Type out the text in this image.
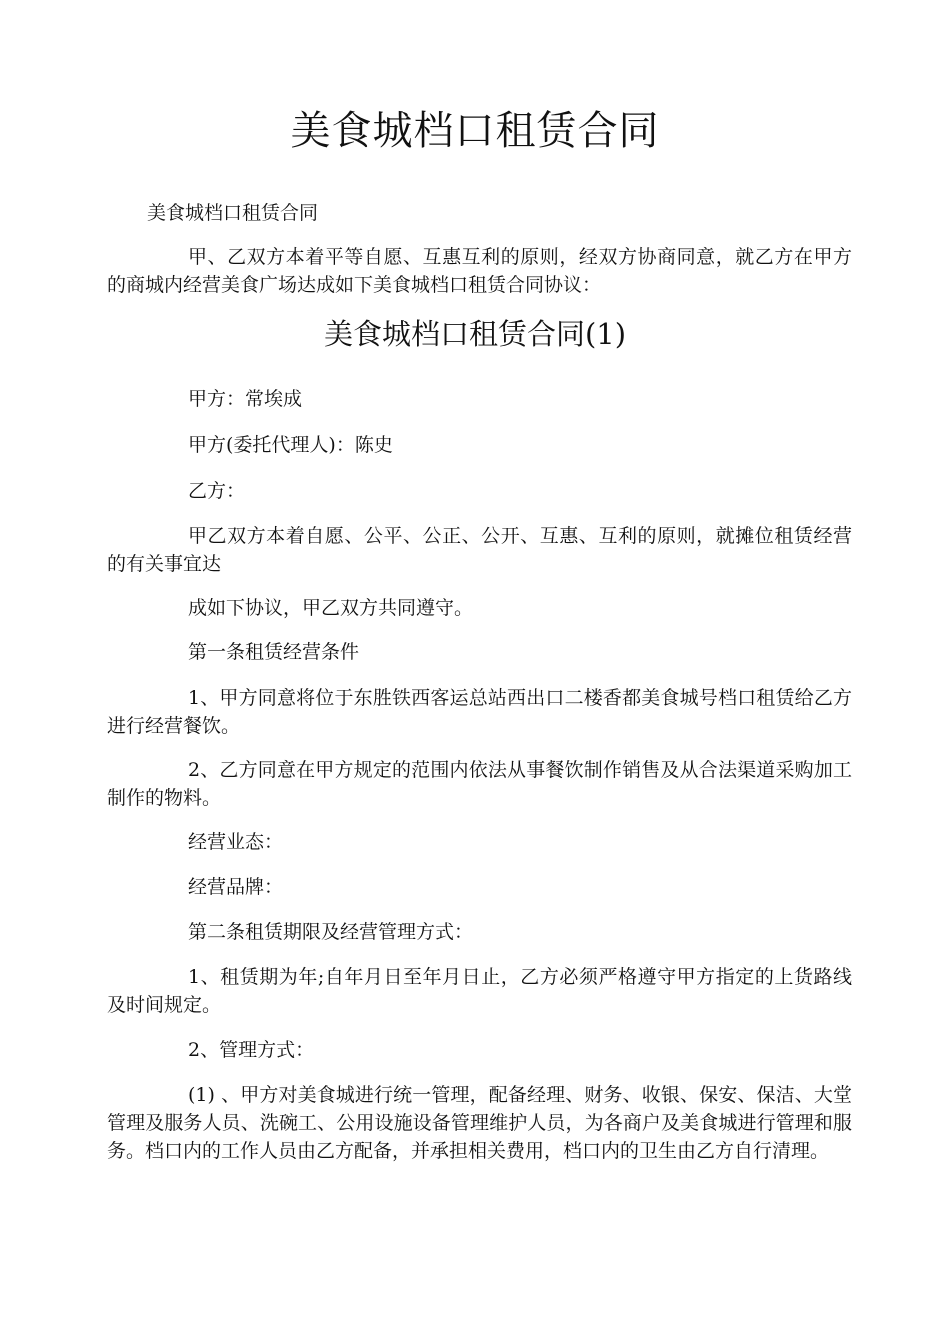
美食城档口租赁合同

美食城档口租赁合同

甲、乙双方本着平等自愿、互惠互利的原则，经双方协商同意，就乙方在甲方的商城内经营美食广场达成如下美食城档口租赁合同协议：

美食城档口租赁合同(1)

甲方：常埃成

甲方(委托代理人)：陈史

乙方：

甲乙双方本着自愿、公平、公正、公开、互惠、互利的原则，就摊位租赁经营的有关事宜达

成如下协议，甲乙双方共同遵守。

第一条租赁经营条件

1、甲方同意将位于东胜铁西客运总站西出口二楼香都美食城号档口租赁给乙方进行经营餐饮。

2、乙方同意在甲方规定的范围内依法从事餐饮制作销售及从合法渠道采购加工制作的物料。

经营业态：

经营品牌：

第二条租赁期限及经营管理方式：

1、租赁期为年;自年月日至年月日止，乙方必须严格遵守甲方指定的上货路线及时间规定。

2、管理方式：

(1) 、甲方对美食城进行统一管理，配备经理、财务、收银、保安、保洁、大堂管理及服务人员、洗碗工、公用设施设备管理维护人员，为各商户及美食城进行管理和服务。档口内的工作人员由乙方配备，并承担相关费用，档口内的卫生由乙方自行清理。
